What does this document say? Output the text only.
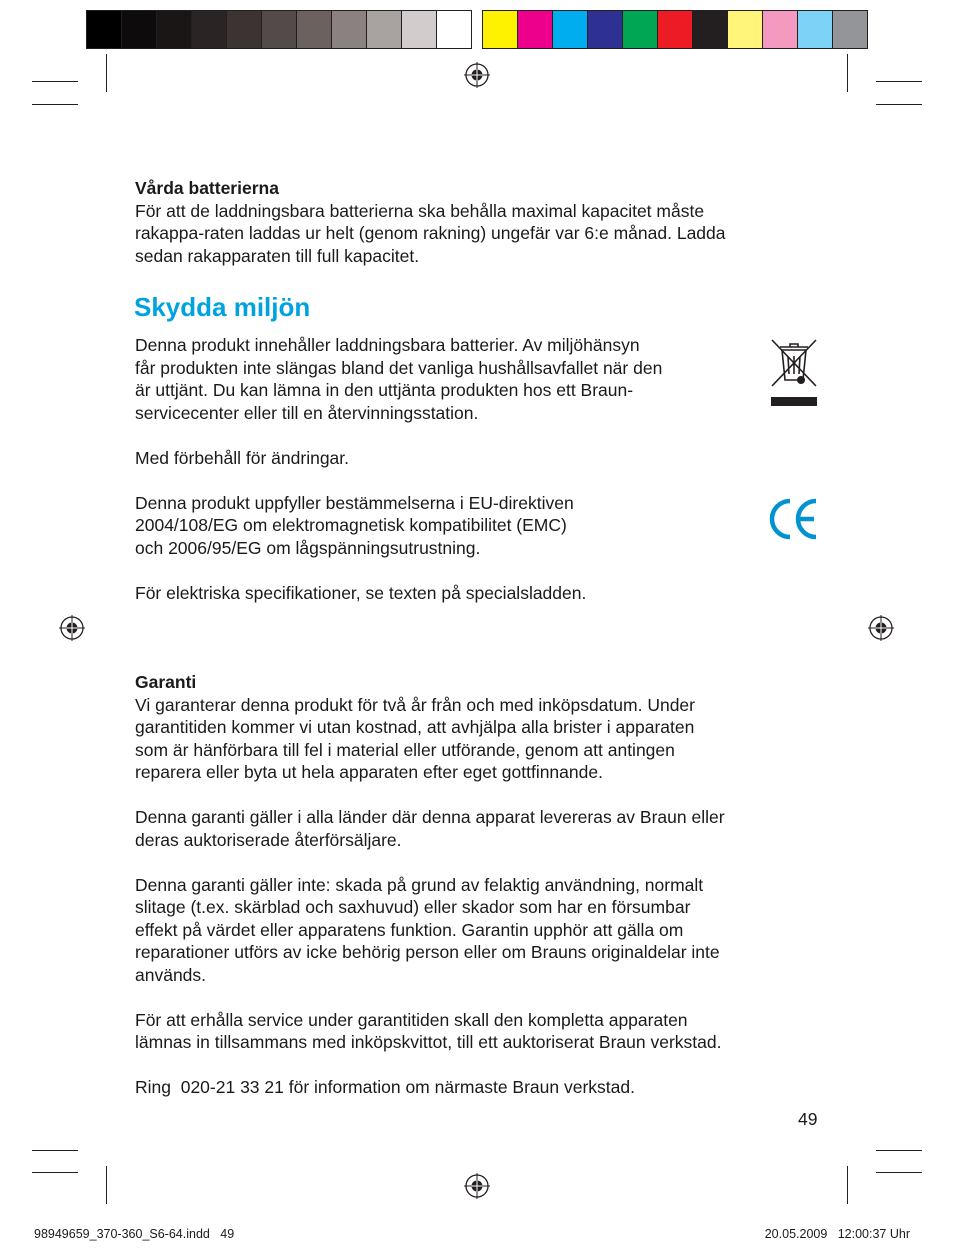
Vårda batterierna
För att de laddningsbara batterierna ska behålla maximal kapacitet måste
rakappa-raten laddas ur helt (genom rakning) ungefär var 6:e månad. Ladda
sedan rakapparaten till full kapacitet.
Skydda miljön
Denna produkt innehåller laddningsbara batterier. Av miljöhänsyn
får produkten inte slängas bland det vanliga hushållsavfallet när den
är uttjänt. Du kan lämna in den uttjänta produkten hos ett Braun-
servicecenter eller till en återvinningsstation.
Med förbehåll för ändringar.
Denna produkt uppfyller bestämmelserna i EU-direktiven
2004/108/EG om elektromagnetisk kompatibilitet (EMC)
och 2006/95/EG om lågspänningsutrustning.
För elektriska specifikationer, se texten på specialsladden.
Garanti
Vi garanterar denna produkt för två år från och med inköpsdatum. Under
garantitiden kommer vi utan kostnad, att avhjälpa alla brister i apparaten
som är hänförbara till fel i material eller utförande, genom att antingen
reparera eller byta ut hela apparaten efter eget gottfinnande.
Denna garanti gäller i alla länder där denna apparat levereras av Braun eller
deras auktoriserade återförsäljare.
Denna garanti gäller inte: skada på grund av felaktig användning, normalt
slitage (t.ex. skärblad och saxhuvud) eller skador som har en försumbar
effekt på värdet eller apparatens funktion. Garantin upphör att gälla om
reparationer utförs av icke behörig person eller om Brauns originaldelar inte
används.
För att erhålla service under garantitiden skall den kompletta apparaten
lämnas in tillsammans med inköpskvittot, till ett auktoriserat Braun verkstad.
Ring  020-21 33 21 för information om närmaste Braun verkstad.
49
98949659_370-360_S6-64.indd   49	20.05.2009   12:00:37 Uhr
